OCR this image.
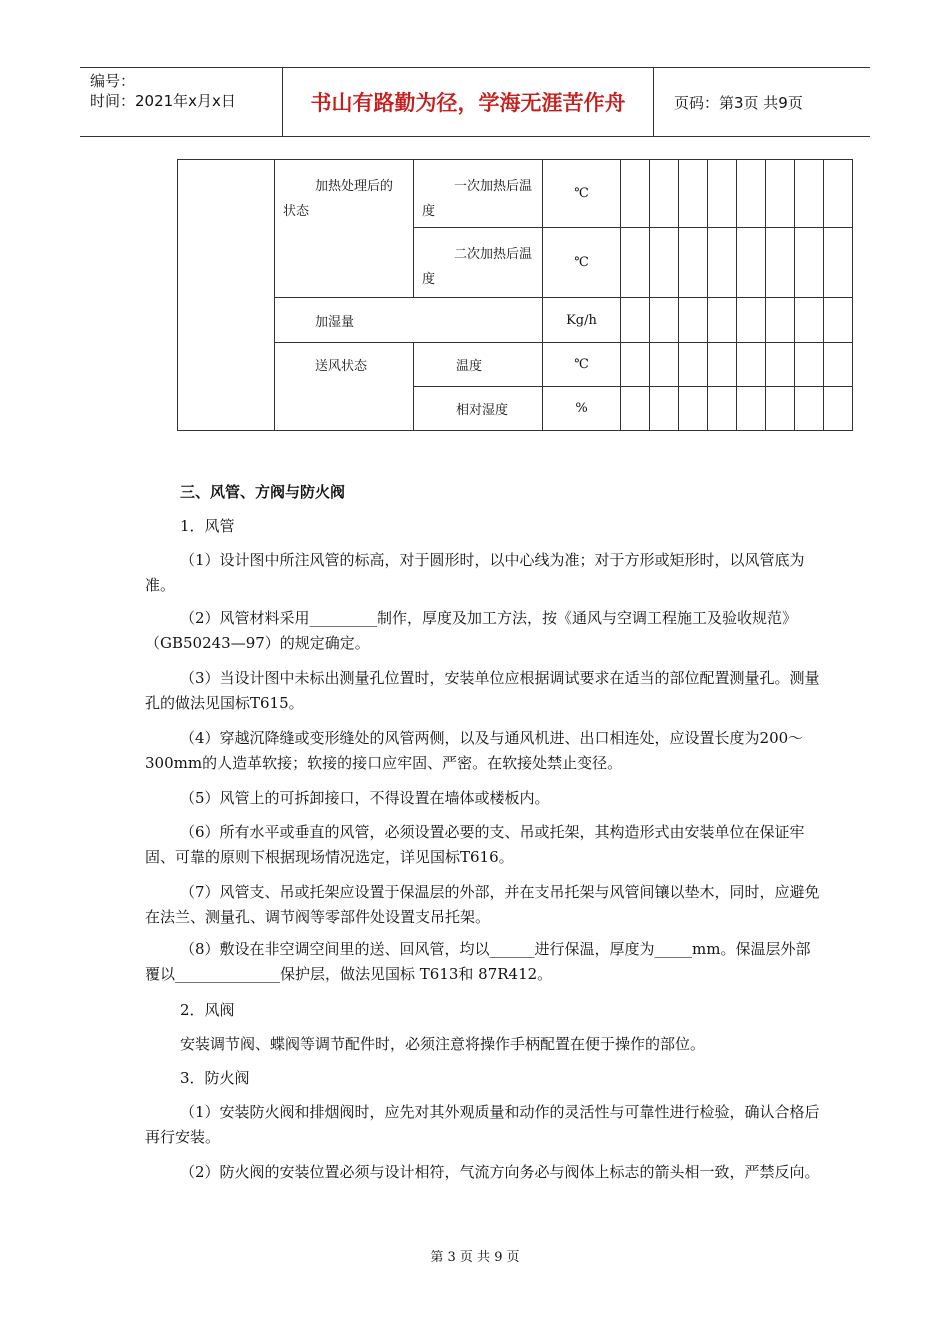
编号：
时间：2021年x月x日	书山有路勤为径，学海无涯苦作舟	页码：第3页 共9页

	加热处理后的状态	一次加热后温度	℃								

		二次加热后温度	℃								

	加湿量		Kg/h								
	送风状态	温度	℃								

		相对湿度	%								
三、风管、方阀与防火阀
1．风管

（1）设计图中所注风管的标高，对于圆形时，以中心线为准；对于方形或矩形时，以风管底为准。

（2）风管材料采用_________制作，厚度及加工方法，按《通风与空调工程施工及验收规范》（GB50243—97）的规定确定。

（3）当设计图中未标出测量孔位置时，安装单位应根据调试要求在适当的部位配置测量孔。测量孔的做法见国标T615。

（4）穿越沉降缝或变形缝处的风管两侧，以及与通风机进、出口相连处，应设置长度为200～300mm的人造革软接；软接的接口应牢固、严密。在软接处禁止变径。

（5）风管上的可拆卸接口，不得设置在墙体或楼板内。

（6）所有水平或垂直的风管，必须设置必要的支、吊或托架，其构造形式由安装单位在保证牢固、可靠的原则下根据现场情况选定，详见国标T616。

（7）风管支、吊或托架应设置于保温层的外部，并在支吊托架与风管间镶以垫木，同时，应避免在法兰、测量孔、调节阀等零部件处设置支吊托架。

（8）敷设在非空调空间里的送、回风管，均以______进行保温，厚度为_____mm。保温层外部覆以______________保护层，做法见国标 T613和 87R412。

2．风阀

安装调节阀、蝶阀等调节配件时，必须注意将操作手柄配置在便于操作的部位。

3．防火阀

（1）安装防火阀和排烟阀时，应先对其外观质量和动作的灵活性与可靠性进行检验，确认合格后再行安装。

（2）防火阀的安装位置必须与设计相符，气流方向务必与阀体上标志的箭头相一致，严禁反向。

第 3 页 共 9 页
